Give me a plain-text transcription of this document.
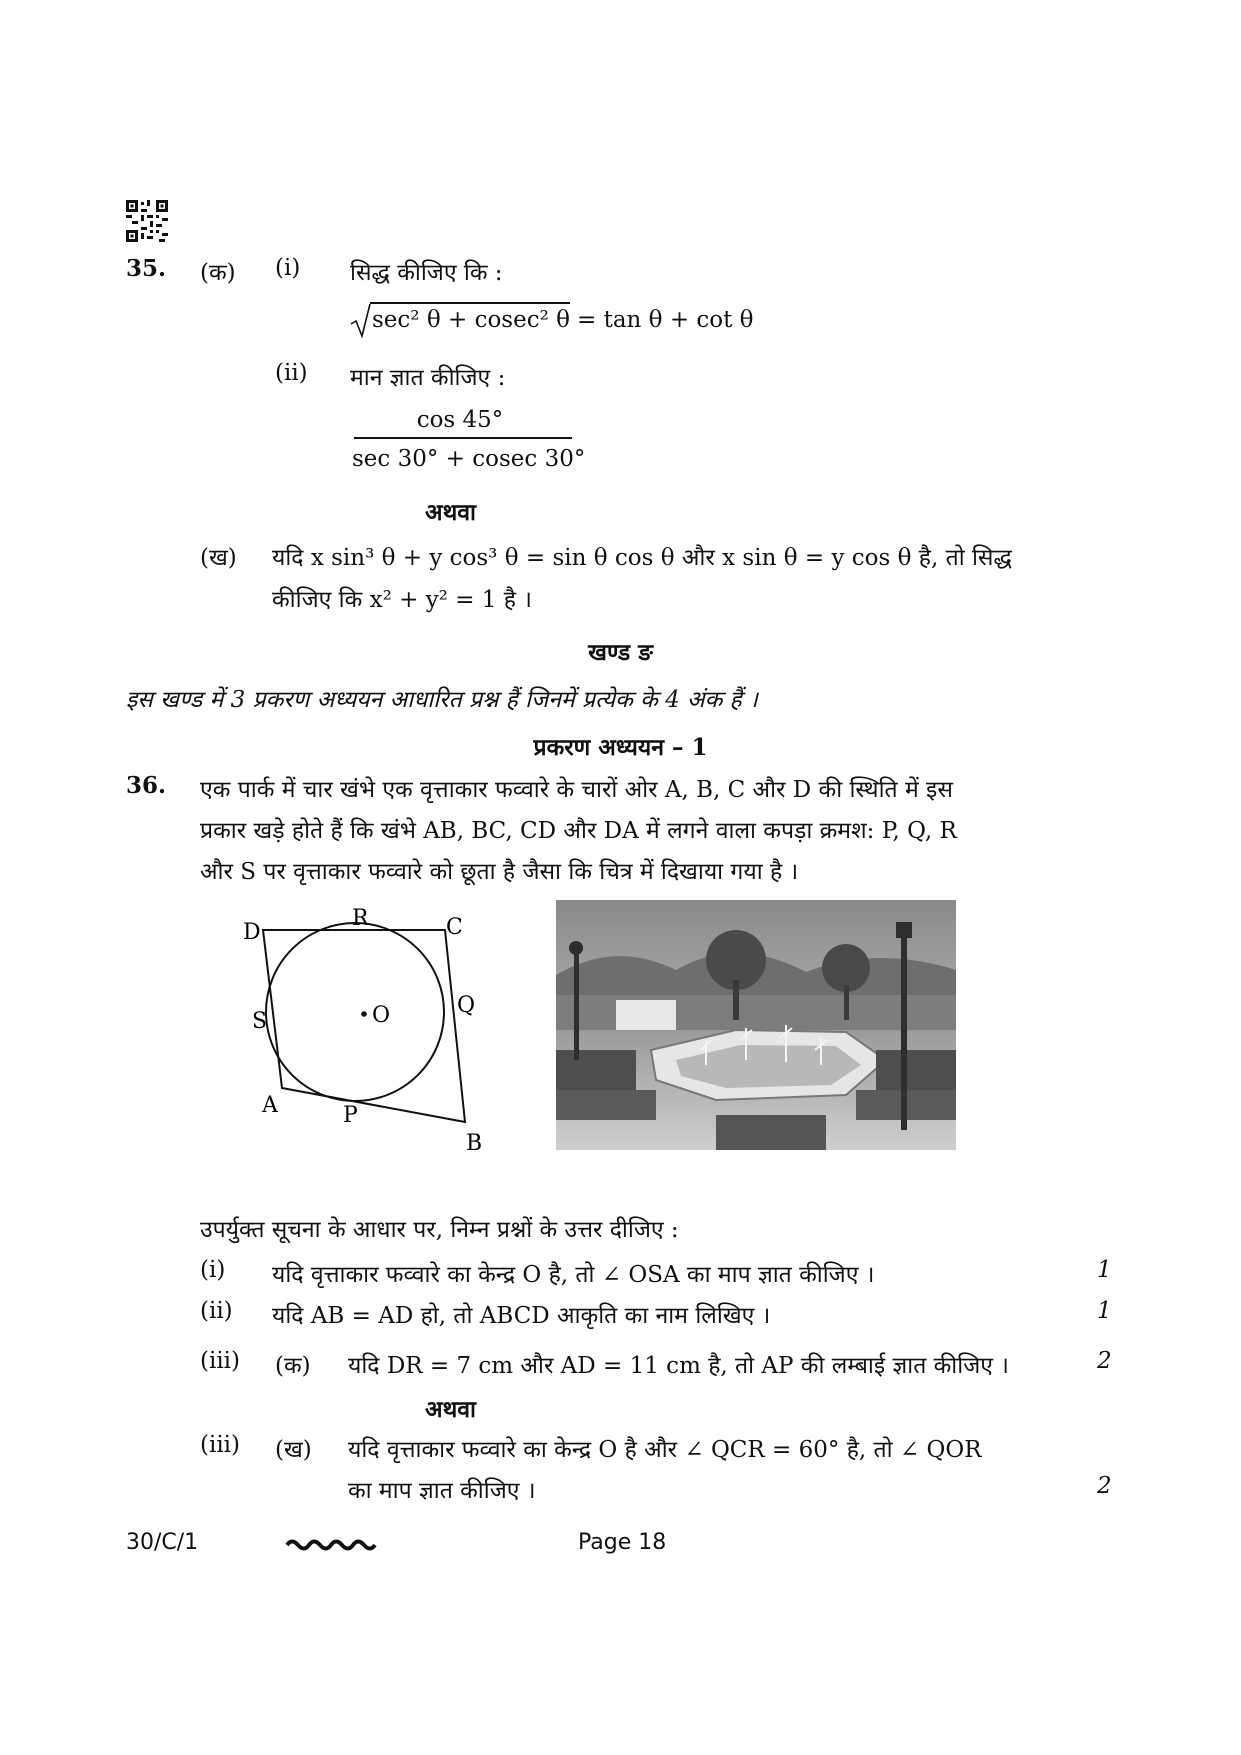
35. (क) (i) सिद्ध कीजिए कि :
sec² θ + cosec² θ = tan θ + cot θ
(ii) मान ज्ञात कीजिए :
cos 45°
sec 30° + cosec 30°
अथवा
(ख) यदि x sin³ θ + y cos³ θ = sin θ cos θ और x sin θ = y cos θ है, तो सिद्ध
कीजिए कि x² + y² = 1 है ।
खण्ड ङ
इस खण्ड में 3 प्रकरण अध्ययन आधारित प्रश्न हैं जिनमें प्रत्येक के 4 अंक हैं ।
प्रकरण अध्ययन – 1
36. एक पार्क में चार खंभे एक वृत्ताकार फव्वारे के चारों ओर A, B, C और D की स्थिति में इस
प्रकार खड़े होते हैं कि खंभे AB, BC, CD और DA में लगने वाला कपड़ा क्रमश: P, Q, R
और S पर वृत्ताकार फव्वारे को छूता है जैसा कि चित्र में दिखाया गया है ।
D
R	C
S	O	Q
A	P
B
उपर्युक्त सूचना के आधार पर, निम्न प्रश्नों के उत्तर दीजिए :
(i) यदि वृत्ताकार फव्वारे का केन्द्र O है, तो ∠ OSA का माप ज्ञात कीजिए ।	1
(ii) यदि AB = AD हो, तो ABCD आकृति का नाम लिखिए ।	1
(iii) (क) यदि DR = 7 cm और AD = 11 cm है, तो AP की लम्बाई ज्ञात कीजिए ।	2
अथवा
(iii) (ख) यदि वृत्ताकार फव्वारे का केन्द्र O है और ∠ QCR = 60° है, तो ∠ QOR
का माप ज्ञात कीजिए ।	2
30/C/1	Page 18
